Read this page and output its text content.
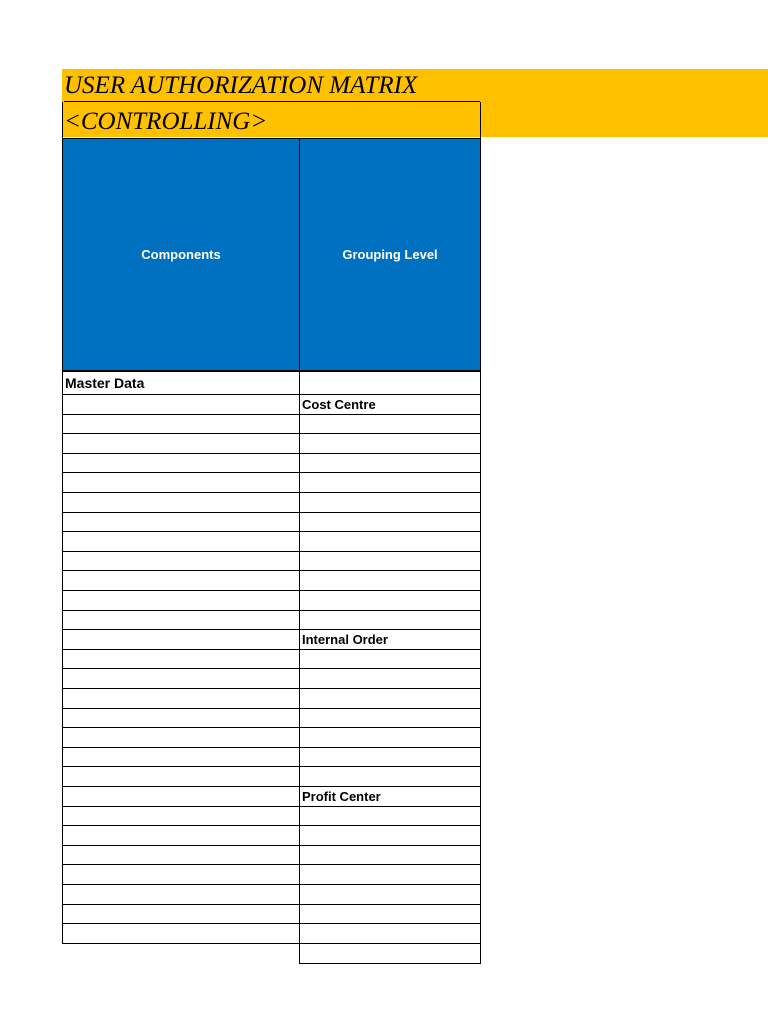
USER AUTHORIZATION MATRIX
<CONTROLLING>
Components	Grouping Level
Master Data
Cost Centre
Internal Order
Profit Center
